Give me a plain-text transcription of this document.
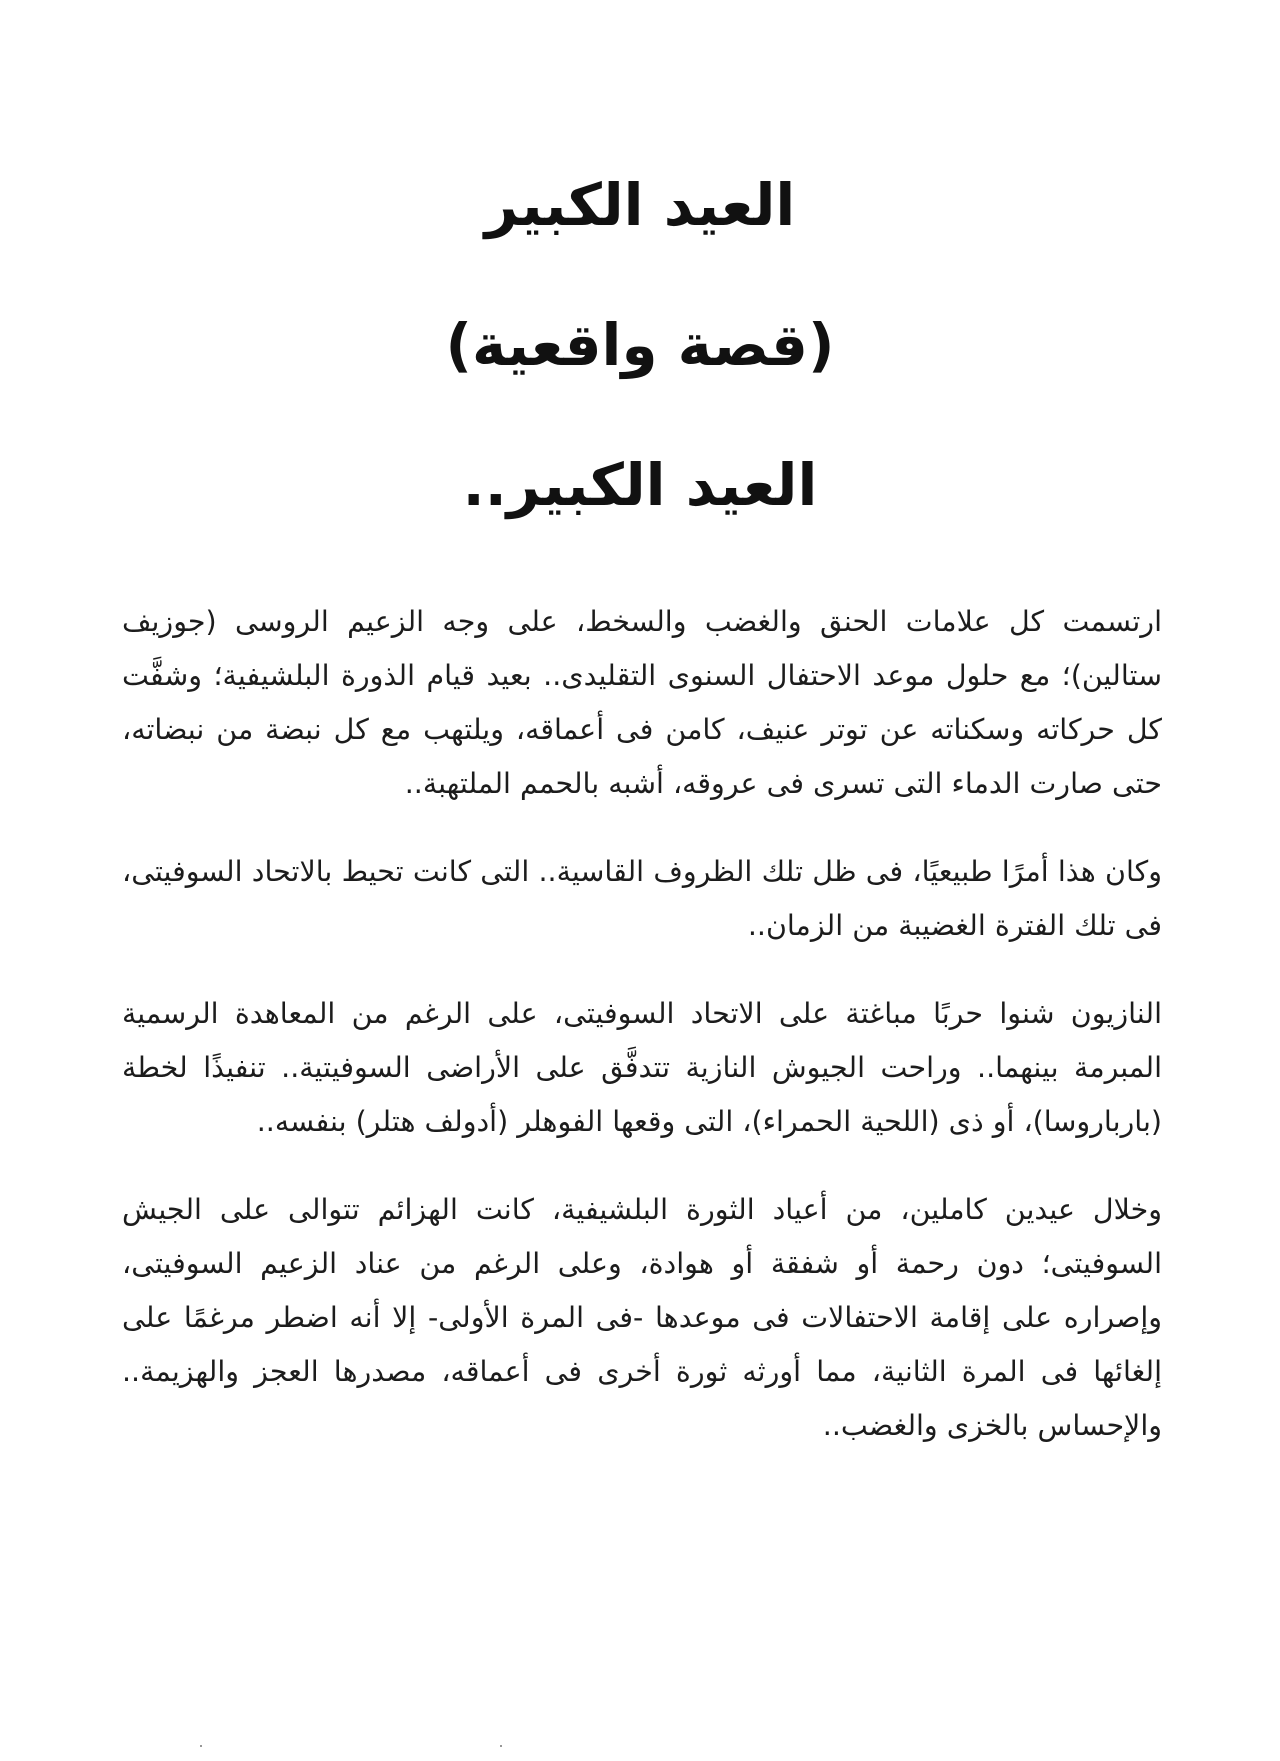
العيد الكبير
(قصة واقعية)
العيد الكبير..

ارتسمت كل علامات الحنق والغضب والسخط، على وجه الزعيم الروسى (جوزيف ستالين)؛ مع حلول موعد الاحتفال السنوى التقليدى.. بعيد قيام الذورة البلشيفية؛ وشفَّت كل حركاته وسكناته عن توتر عنيف، كامن فى أعماقه، ويلتهب مع كل نبضة من نبضاته، حتى صارت الدماء التى تسرى فى عروقه، أشبه بالحمم الملتهبة..

وكان هذا أمرًا طبيعيًا، فى ظل تلك الظروف القاسية.. التى كانت تحيط بالاتحاد السوفيتى، فى تلك الفترة الغضيبة من الزمان..

النازيون شنوا حربًا مباغتة على الاتحاد السوفيتى، على الرغم من المعاهدة الرسمية المبرمة بينهما.. وراحت الجيوش النازية تتدفَّق على الأراضى السوفيتية.. تنفيذًا لخطة (بارباروسا)، أو ذى (اللحية الحمراء)، التى وقعها الفوهلر (أدولف هتلر) بنفسه..

وخلال عيدين كاملين، من أعياد الثورة البلشيفية، كانت الهزائم تتوالى على الجيش السوفيتى؛ دون رحمة أو شفقة أو هوادة، وعلى الرغم من عناد الزعيم السوفيتى، وإصراره على إقامة الاحتفالات فى موعدها -فى المرة الأولى- إلا أنه اضطر مرغمًا على إلغائها فى المرة الثانية، مما أورثه ثورة أخرى فى أعماقه، مصدرها العجز والهزيمة.. والإحساس بالخزى والغضب..
